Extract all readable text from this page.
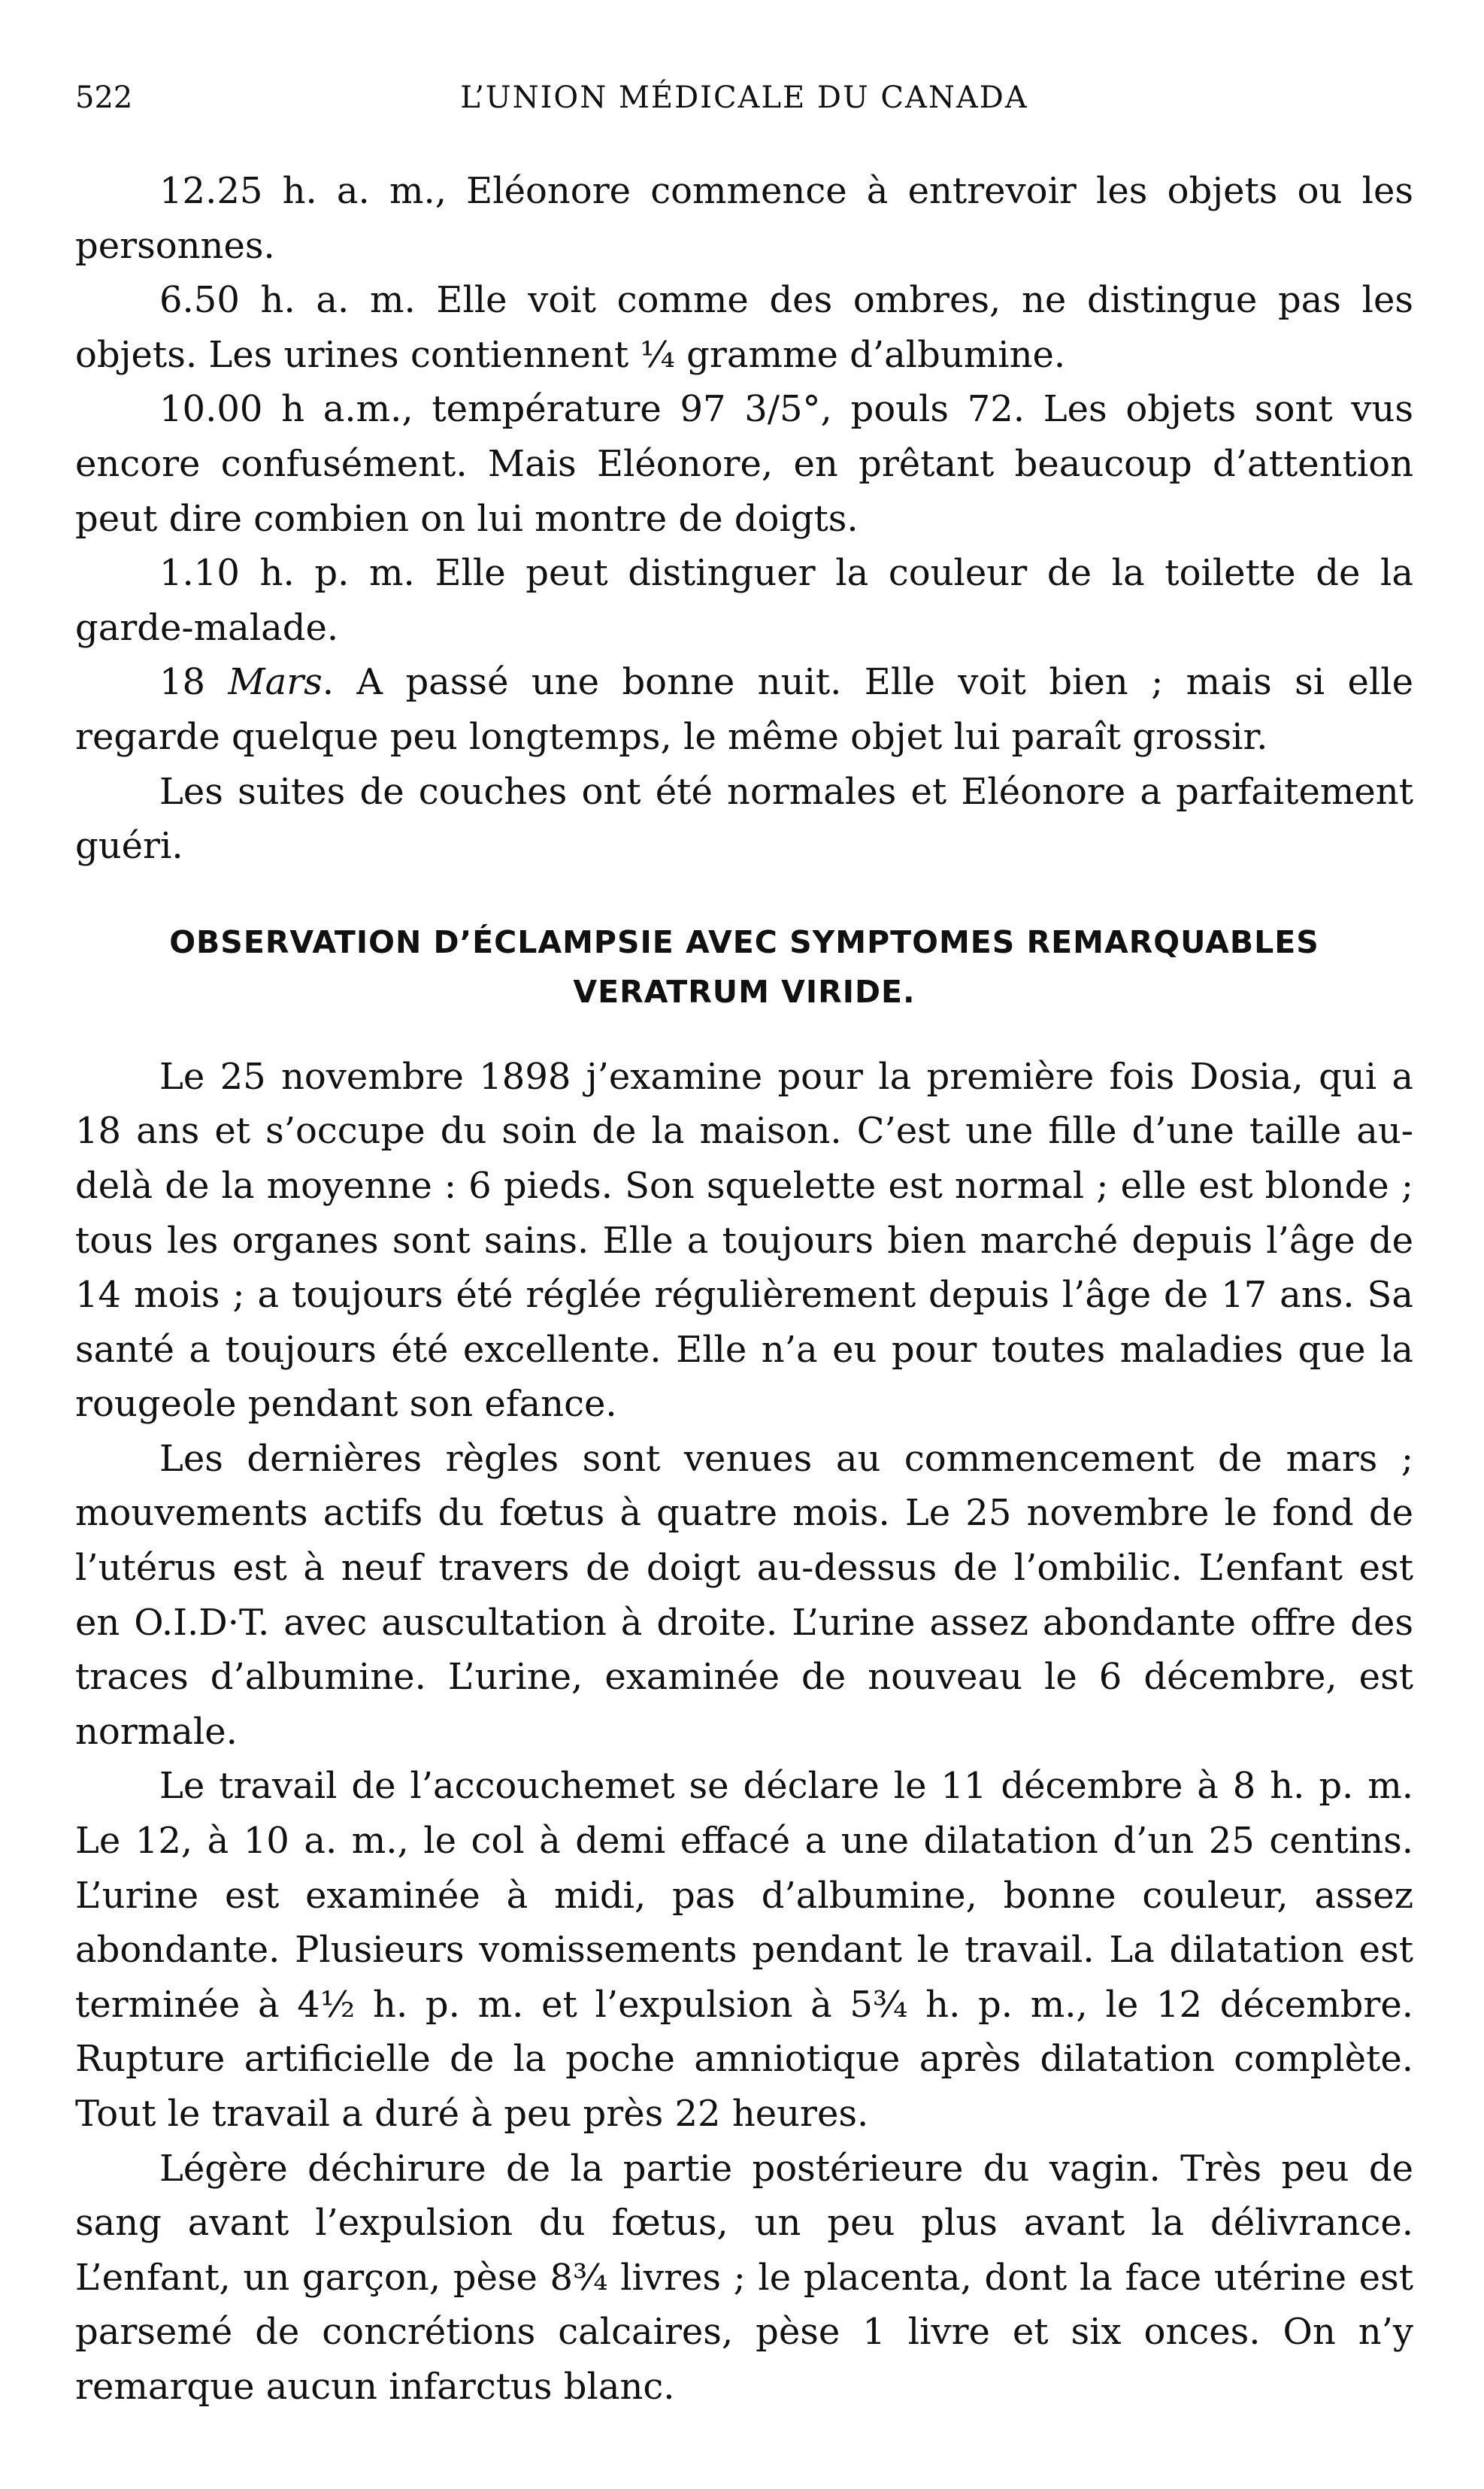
522	L’UNION MÉDICALE DU CANADA

12.25 h. a. m., Eléonore commence à entrevoir les objets ou les personnes.

6.50 h. a. m. Elle voit comme des ombres, ne distingue pas les objets. Les urines contiennent ¼ gramme d’albumine.

10.00 h a.m., température 97 3/5°, pouls 72. Les objets sont vus encore confusément. Mais Eléonore, en prêtant beaucoup d’attention peut dire combien on lui montre de doigts.

1.10 h. p. m. Elle peut distinguer la couleur de la toilette de la garde-malade.

18 Mars. A passé une bonne nuit. Elle voit bien ; mais si elle regarde quelque peu longtemps, le même objet lui paraît grossir.

Les suites de couches ont été normales et Eléonore a parfaitement guéri.

OBSERVATION D’ÉCLAMPSIE AVEC SYMPTOMES REMARQUABLES
VERATRUM VIRIDE.

Le 25 novembre 1898 j’examine pour la première fois Dosia, qui a 18 ans et s’occupe du soin de la maison. C’est une fille d’une taille au-delà de la moyenne : 6 pieds. Son squelette est normal ; elle est blonde ; tous les organes sont sains. Elle a toujours bien marché depuis l’âge de 14 mois ; a toujours été réglée régulièrement depuis l’âge de 17 ans. Sa santé a toujours été excellente. Elle n’a eu pour toutes maladies que la rougeole pendant son efance.

Les dernières règles sont venues au commencement de mars ; mouvements actifs du fœtus à quatre mois. Le 25 novembre le fond de l’utérus est à neuf travers de doigt au-dessus de l’ombilic. L’enfant est en O.I.D·T. avec auscultation à droite. L’urine assez abondante offre des traces d’albumine. L’urine, examinée de nouveau le 6 décembre, est normale.

Le travail de l’accouchemet se déclare le 11 décembre à 8 h. p. m. Le 12, à 10 a. m., le col à demi effacé a une dilatation d’un 25 centins. L’urine est examinée à midi, pas d’albumine, bonne couleur, assez abondante. Plusieurs vomissements pendant le travail. La dilatation est terminée à 4½ h. p. m. et l’expulsion à 5¾ h. p. m., le 12 décembre. Rupture artificielle de la poche amniotique après dilatation complète. Tout le travail a duré à peu près 22 heures.

Légère déchirure de la partie postérieure du vagin. Très peu de sang avant l’expulsion du fœtus, un peu plus avant la délivrance. L’enfant, un garçon, pèse 8¾ livres ; le placenta, dont la face utérine est parsemé de concrétions calcaires, pèse 1 livre et six onces. On n’y remarque aucun infarctus blanc.
